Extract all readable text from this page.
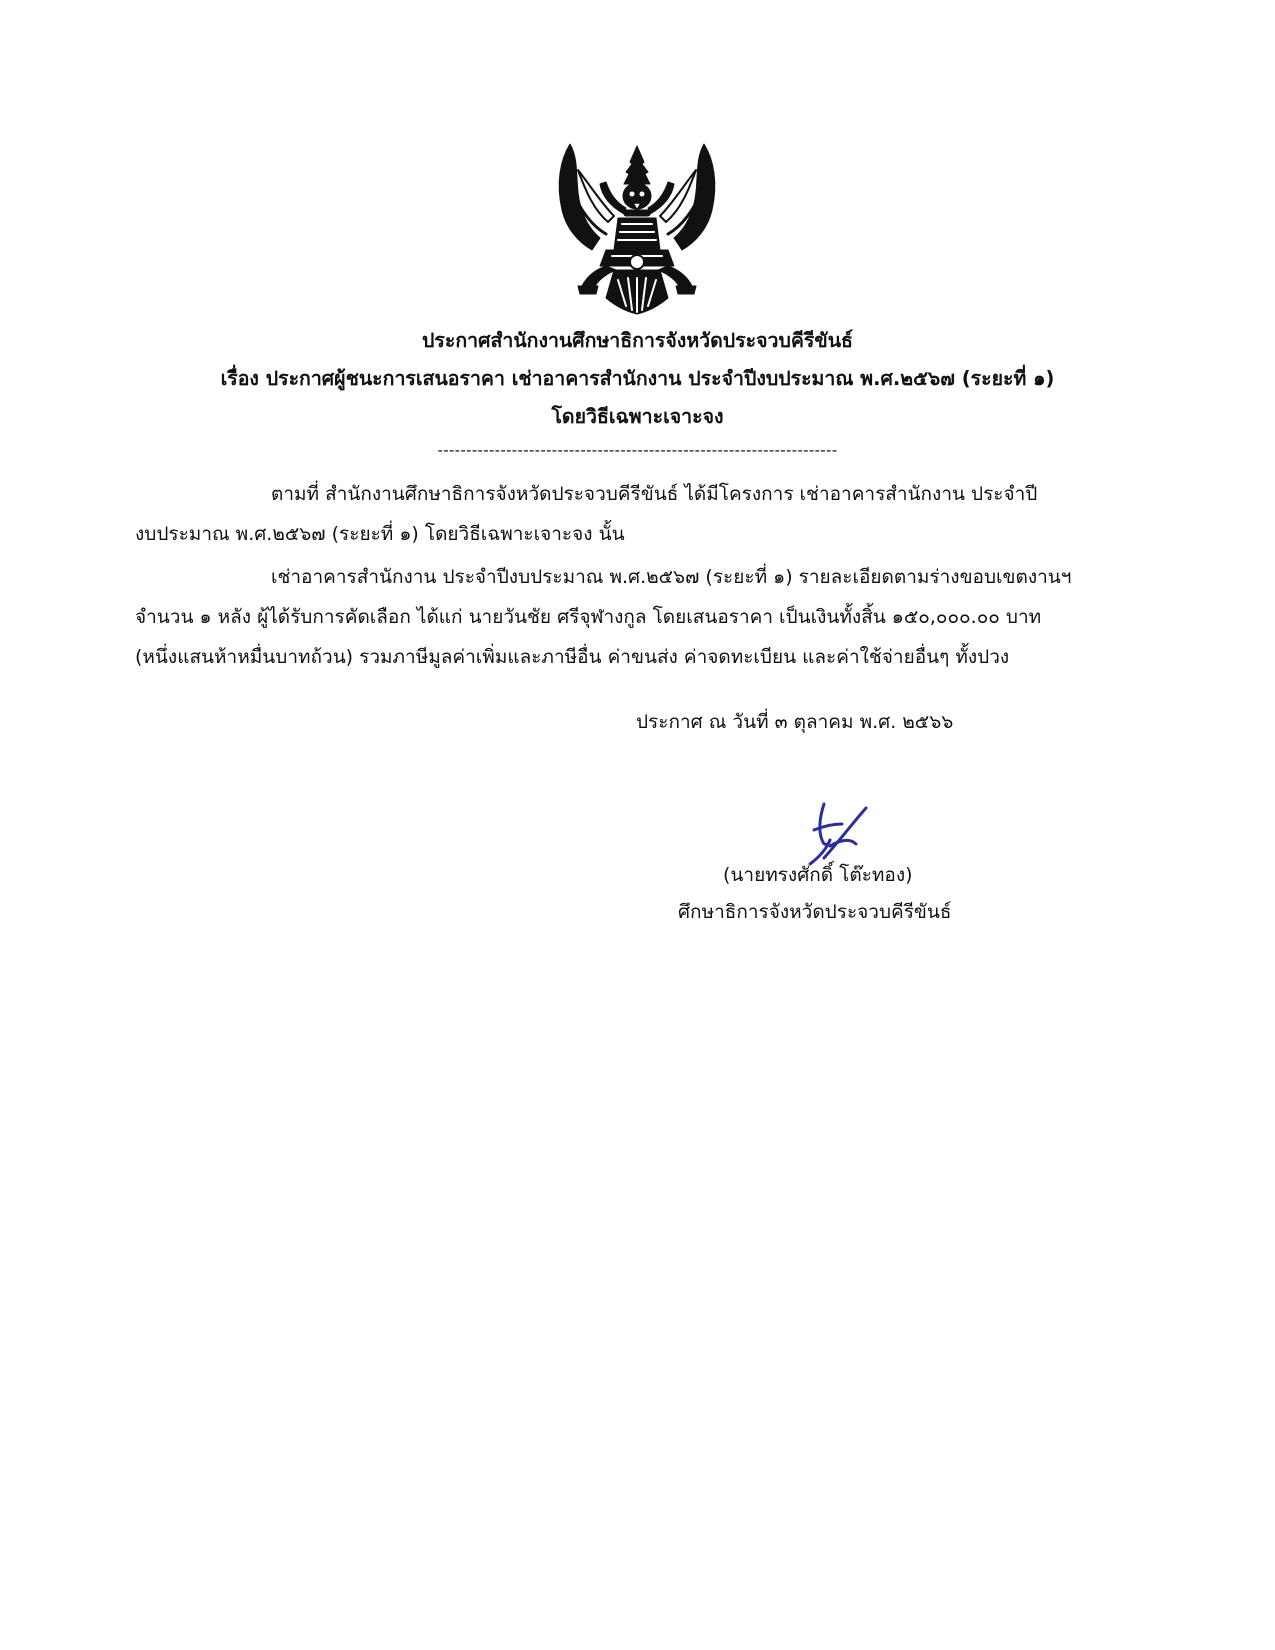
ประกาศสำนักงานศึกษาธิการจังหวัดประจวบคีรีขันธ์
เรื่อง ประกาศผู้ชนะการเสนอราคา เช่าอาคารสำนักงาน ประจำปีงบประมาณ พ.ศ.๒๕๖๗ (ระยะที่ ๑)
โดยวิธีเฉพาะเจาะจง
----------------------------------------------------------------------
ตามที่ สำนักงานศึกษาธิการจังหวัดประจวบคีรีขันธ์ ได้มีโครงการ เช่าอาคารสำนักงาน ประจำปี
งบประมาณ พ.ศ.๒๕๖๗ (ระยะที่ ๑) โดยวิธีเฉพาะเจาะจง นั้น
เช่าอาคารสำนักงาน ประจำปีงบประมาณ พ.ศ.๒๕๖๗ (ระยะที่ ๑) รายละเอียดตามร่างขอบเขตงานฯ
จำนวน ๑ หลัง ผู้ได้รับการคัดเลือก ได้แก่ นายวันชัย ศรีจุฬางกูล โดยเสนอราคา เป็นเงินทั้งสิ้น ๑๕๐,๐๐๐.๐๐ บาท
(หนึ่งแสนห้าหมื่นบาทถ้วน) รวมภาษีมูลค่าเพิ่มและภาษีอื่น ค่าขนส่ง ค่าจดทะเบียน และค่าใช้จ่ายอื่นๆ ทั้งปวง
ประกาศ ณ วันที่ ๓ ตุลาคม พ.ศ. ๒๕๖๖
(นายทรงศักดิ์ โต๊ะทอง)
ศึกษาธิการจังหวัดประจวบคีรีขันธ์
